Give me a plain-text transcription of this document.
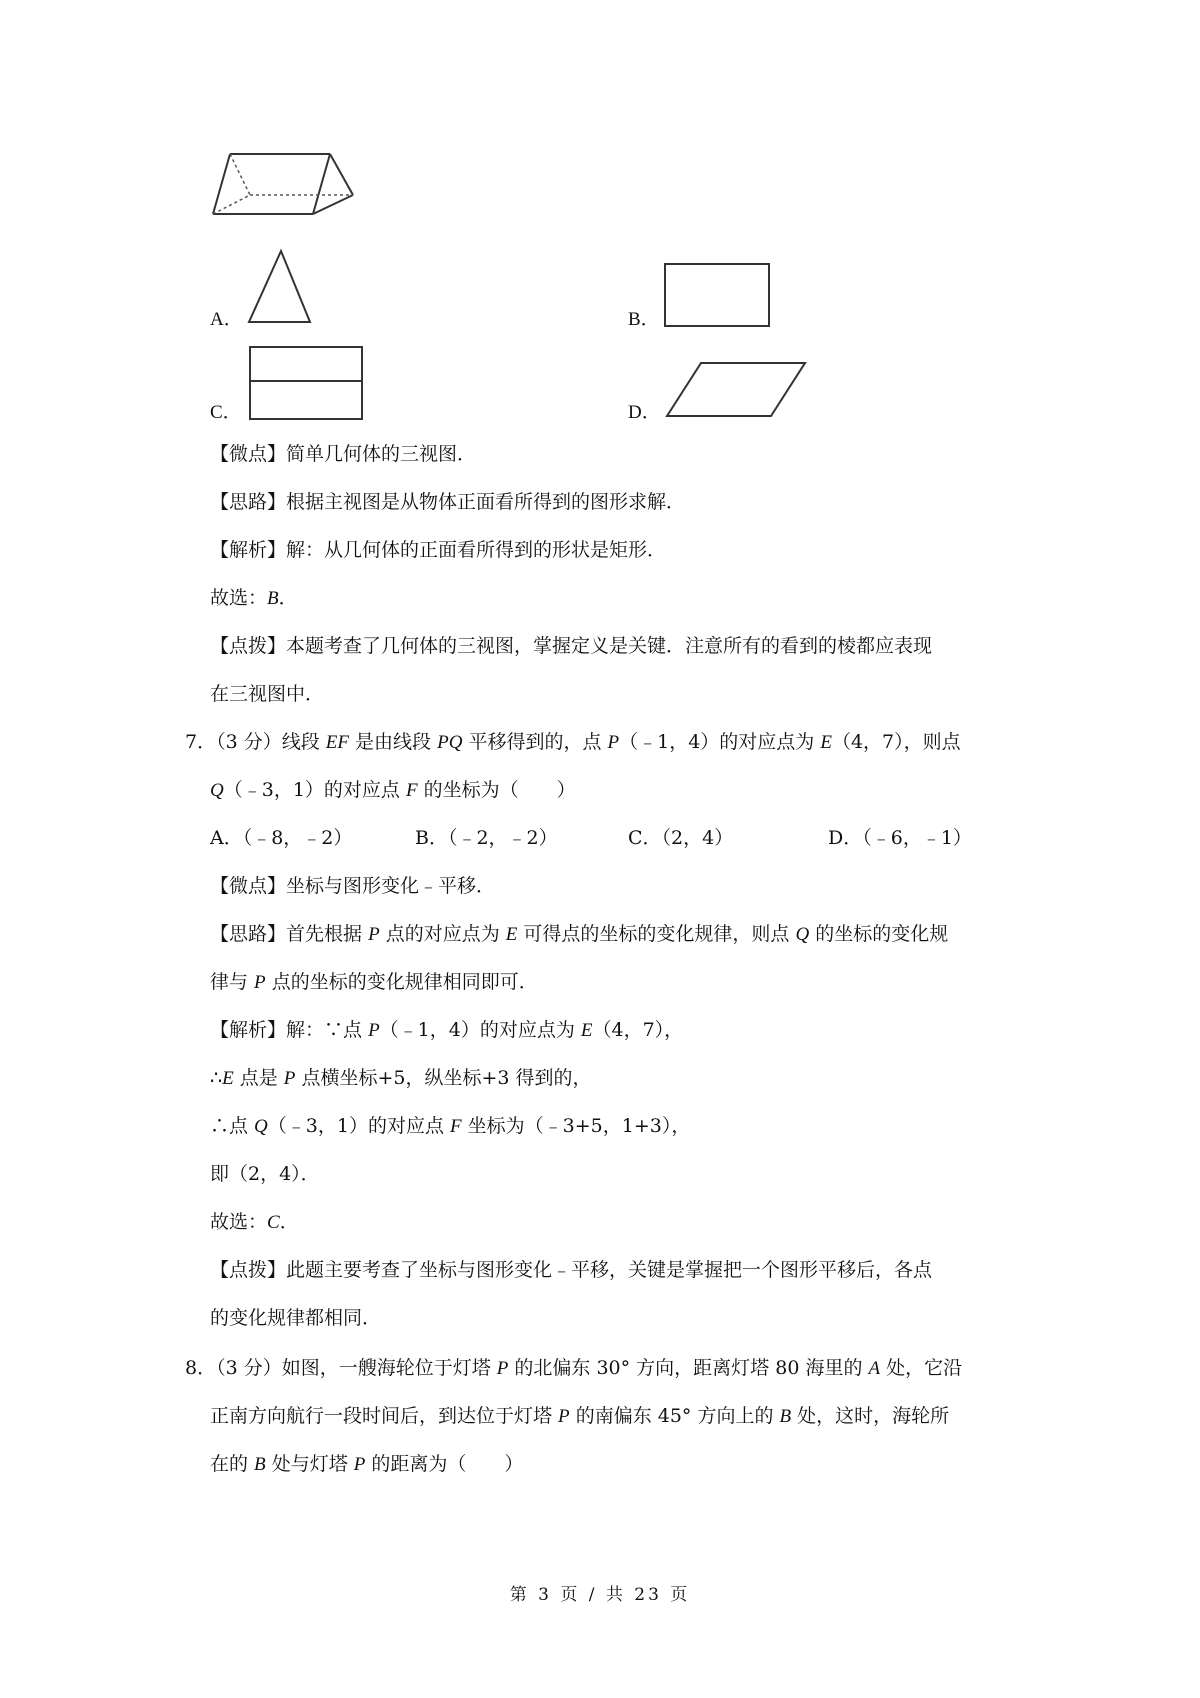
A．	B．
C．	D．
【微点】简单几何体的三视图．
【思路】根据主视图是从物体正面看所得到的图形求解．
【解析】解：从几何体的正面看所得到的形状是矩形．
故选：B．
【点拨】本题考查了几何体的三视图，掌握定义是关键．注意所有的看到的棱都应表现
在三视图中．
7．（3 分）线段 EF 是由线段 PQ 平移得到的，点 P（﹣1，4）的对应点为 E（4，7），则点
Q（﹣3，1）的对应点 F 的坐标为（　　）
A．（﹣8，﹣2）	B．（﹣2，﹣2）	C．（2，4）	D．（﹣6，﹣1）
【微点】坐标与图形变化﹣平移．
【思路】首先根据 P 点的对应点为 E 可得点的坐标的变化规律，则点 Q 的坐标的变化规
律与 P 点的坐标的变化规律相同即可．
【解析】解：∵点 P（﹣1，4）的对应点为 E（4，7），
∴E 点是 P 点横坐标+5，纵坐标+3 得到的，
∴点 Q（﹣3，1）的对应点 F 坐标为（﹣3+5，1+3），
即（2，4）．
故选：C．
【点拨】此题主要考查了坐标与图形变化﹣平移，关键是掌握把一个图形平移后，各点
的变化规律都相同．
8．（3 分）如图，一艘海轮位于灯塔 P 的北偏东 30° 方向，距离灯塔 80 海里的 A 处，它沿
正南方向航行一段时间后，到达位于灯塔 P 的南偏东 45° 方向上的 B 处，这时，海轮所
在的 B 处与灯塔 P 的距离为（　　）
第 3 页 / 共 23 页
